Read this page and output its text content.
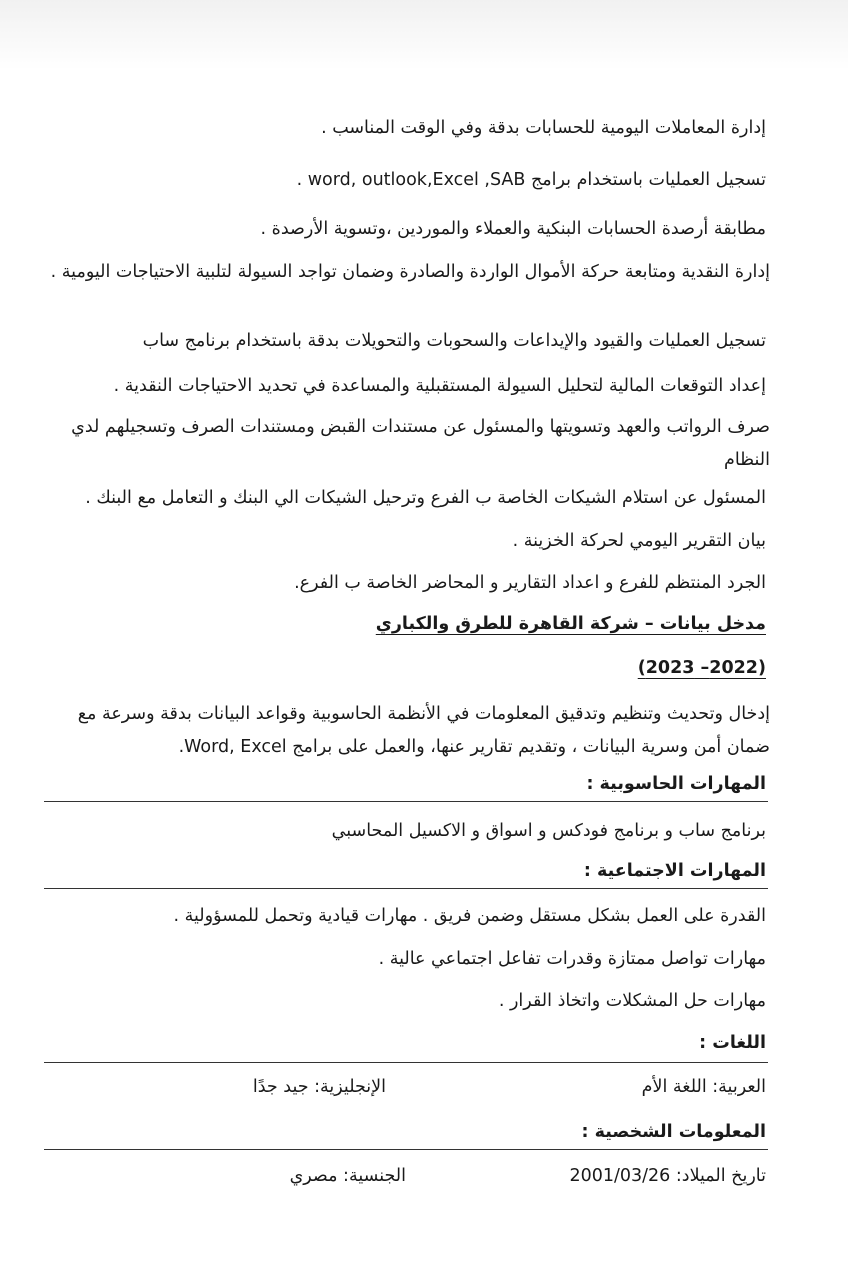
إدارة المعاملات اليومية للحسابات بدقة وفي الوقت المناسب .

تسجيل العمليات باستخدام برامج word, outlook,Excel ,SAB .

مطابقة أرصدة الحسابات البنكية والعملاء والموردين ،وتسوية الأرصدة .

إدارة النقدية ومتابعة حركة الأموال الواردة والصادرة وضمان تواجد السيولة لتلبية الاحتياجات اليومية .

تسجيل العمليات والقيود والإيداعات والسحوبات والتحويلات بدقة باستخدام برنامج ساب

إعداد التوقعات المالية لتحليل السيولة المستقبلية والمساعدة في تحديد الاحتياجات النقدية .

صرف الرواتب والعهد وتسويتها والمسئول عن مستندات القبض ومستندات الصرف وتسجيلهم لدي النظام

المسئول عن استلام الشيكات الخاصة ب الفرع وترحيل الشيكات الي البنك و التعامل مع البنك .

بيان التقرير اليومي لحركة الخزينة .

الجرد المنتظم للفرع و اعداد التقارير و المحاضر الخاصة ب الفرع.

مدخل بيانات – شركة القاهرة للطرق والكباري

(2022– 2023)

إدخال وتحديث وتنظيم وتدقيق المعلومات في الأنظمة الحاسوبية وقواعد البيانات بدقة وسرعة مع ضمان أمن وسرية البيانات ، وتقديم تقارير عنها، والعمل على برامج Word, Excel.

المهارات الحاسوبية :

برنامج ساب و برنامج فودكس و اسواق و الاكسيل المحاسبي

المهارات الاجتماعية :

القدرة على العمل بشكل مستقل وضمن فريق . مهارات قيادية وتحمل للمسؤولية .

مهارات تواصل ممتازة وقدرات تفاعل اجتماعي عالية .

مهارات حل المشكلات واتخاذ القرار .

اللغات :

العربية: اللغة الأم

الإنجليزية: جيد جدًا

المعلومات الشخصية :

تاريخ الميلاد: 2001/03/26

الجنسية: مصري
